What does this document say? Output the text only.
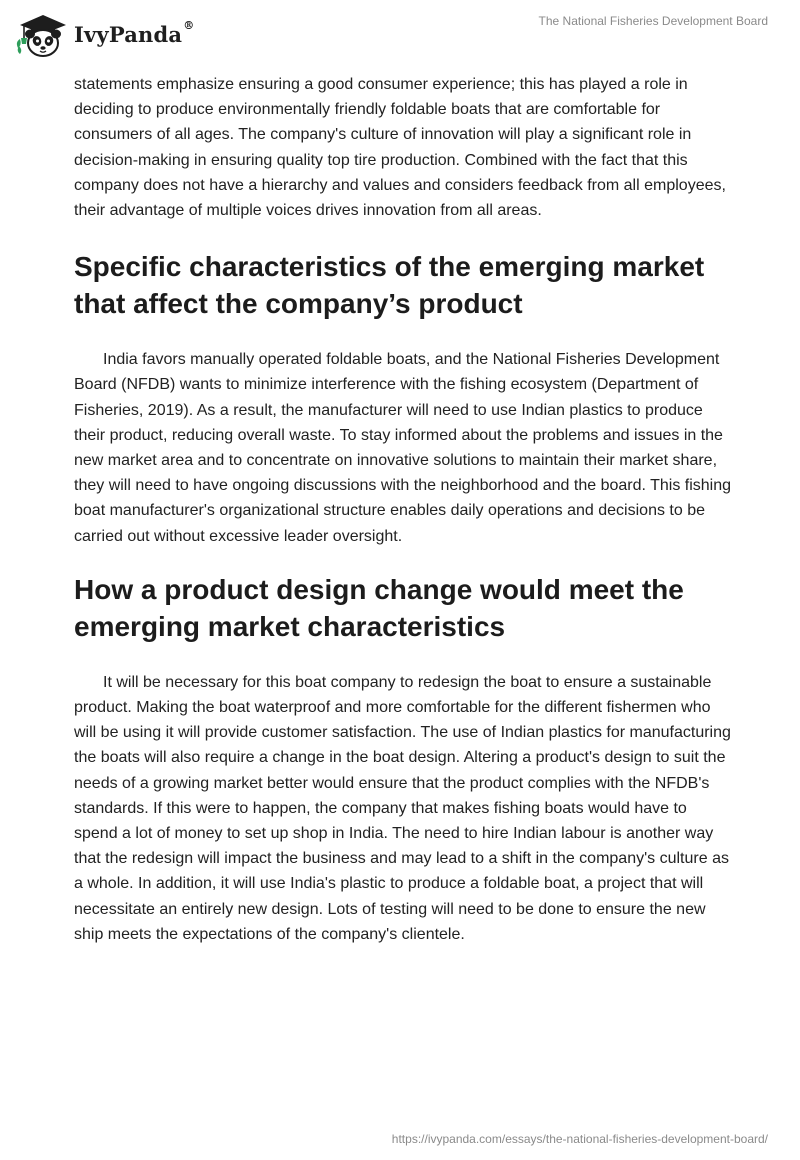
IvyPanda®	The National Fisheries Development Board

statements emphasize ensuring a good consumer experience; this has played a role in deciding to produce environmentally friendly foldable boats that are comfortable for consumers of all ages. The company's culture of innovation will play a significant role in decision-making in ensuring quality top tire production. Combined with the fact that this company does not have a hierarchy and values and considers feedback from all employees, their advantage of multiple voices drives innovation from all areas.

Specific characteristics of the emerging market that affect the company’s product

India favors manually operated foldable boats, and the National Fisheries Development Board (NFDB) wants to minimize interference with the fishing ecosystem (Department of Fisheries, 2019). As a result, the manufacturer will need to use Indian plastics to produce their product, reducing overall waste. To stay informed about the problems and issues in the new market area and to concentrate on innovative solutions to maintain their market share, they will need to have ongoing discussions with the neighborhood and the board. This fishing boat manufacturer's organizational structure enables daily operations and decisions to be carried out without excessive leader oversight.

How a product design change would meet the emerging market characteristics

It will be necessary for this boat company to redesign the boat to ensure a sustainable product. Making the boat waterproof and more comfortable for the different fishermen who will be using it will provide customer satisfaction. The use of Indian plastics for manufacturing the boats will also require a change in the boat design. Altering a product's design to suit the needs of a growing market better would ensure that the product complies with the NFDB's standards. If this were to happen, the company that makes fishing boats would have to spend a lot of money to set up shop in India. The need to hire Indian labour is another way that the redesign will impact the business and may lead to a shift in the company's culture as a whole. In addition, it will use India's plastic to produce a foldable boat, a project that will necessitate an entirely new design. Lots of testing will need to be done to ensure the new ship meets the expectations of the company's clientele.

https://ivypanda.com/essays/the-national-fisheries-development-board/
